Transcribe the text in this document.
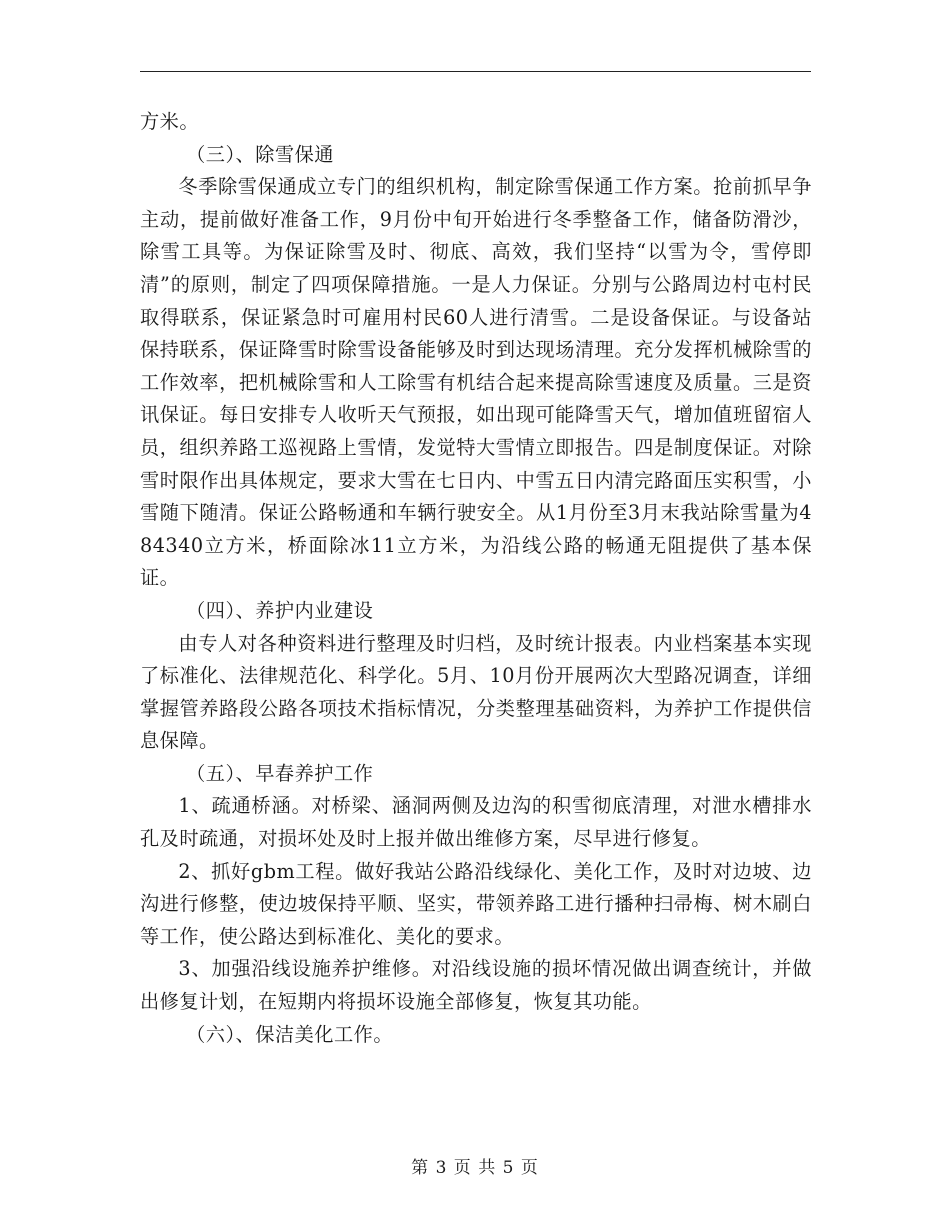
方米。

（三）、除雪保通

冬季除雪保通成立专门的组织机构，制定除雪保通工作方案。抢前抓早争主动，提前做好准备工作，9月份中旬开始进行冬季整备工作，储备防滑沙，除雪工具等。为保证除雪及时、彻底、高效，我们坚持“以雪为令，雪停即清”的原则，制定了四项保障措施。一是人力保证。分别与公路周边村屯村民取得联系，保证紧急时可雇用村民60人进行清雪。二是设备保证。与设备站保持联系，保证降雪时除雪设备能够及时到达现场清理。充分发挥机械除雪的工作效率，把机械除雪和人工除雪有机结合起来提高除雪速度及质量。三是资讯保证。每日安排专人收听天气预报，如出现可能降雪天气，增加值班留宿人员，组织养路工巡视路上雪情，发觉特大雪情立即报告。四是制度保证。对除雪时限作出具体规定，要求大雪在七日内、中雪五日内清完路面压实积雪，小雪随下随清。保证公路畅通和车辆行驶安全。从1月份至3月末我站除雪量为484340立方米，桥面除冰11立方米，为沿线公路的畅通无阻提供了基本保证。

（四）、养护内业建设

由专人对各种资料进行整理及时归档，及时统计报表。内业档案基本实现了标准化、法律规范化、科学化。5月、10月份开展两次大型路况调查，详细掌握管养路段公路各项技术指标情况，分类整理基础资料，为养护工作提供信息保障。

（五）、早春养护工作

1、疏通桥涵。对桥梁、涵洞两侧及边沟的积雪彻底清理，对泄水槽排水孔及时疏通，对损坏处及时上报并做出维修方案，尽早进行修复。

2、抓好gbm工程。做好我站公路沿线绿化、美化工作，及时对边坡、边沟进行修整，使边坡保持平顺、坚实，带领养路工进行播种扫帚梅、树木刷白等工作，使公路达到标准化、美化的要求。

3、加强沿线设施养护维修。对沿线设施的损坏情况做出调查统计，并做出修复计划，在短期内将损坏设施全部修复，恢复其功能。

（六）、保洁美化工作。

第 3 页 共 5 页
